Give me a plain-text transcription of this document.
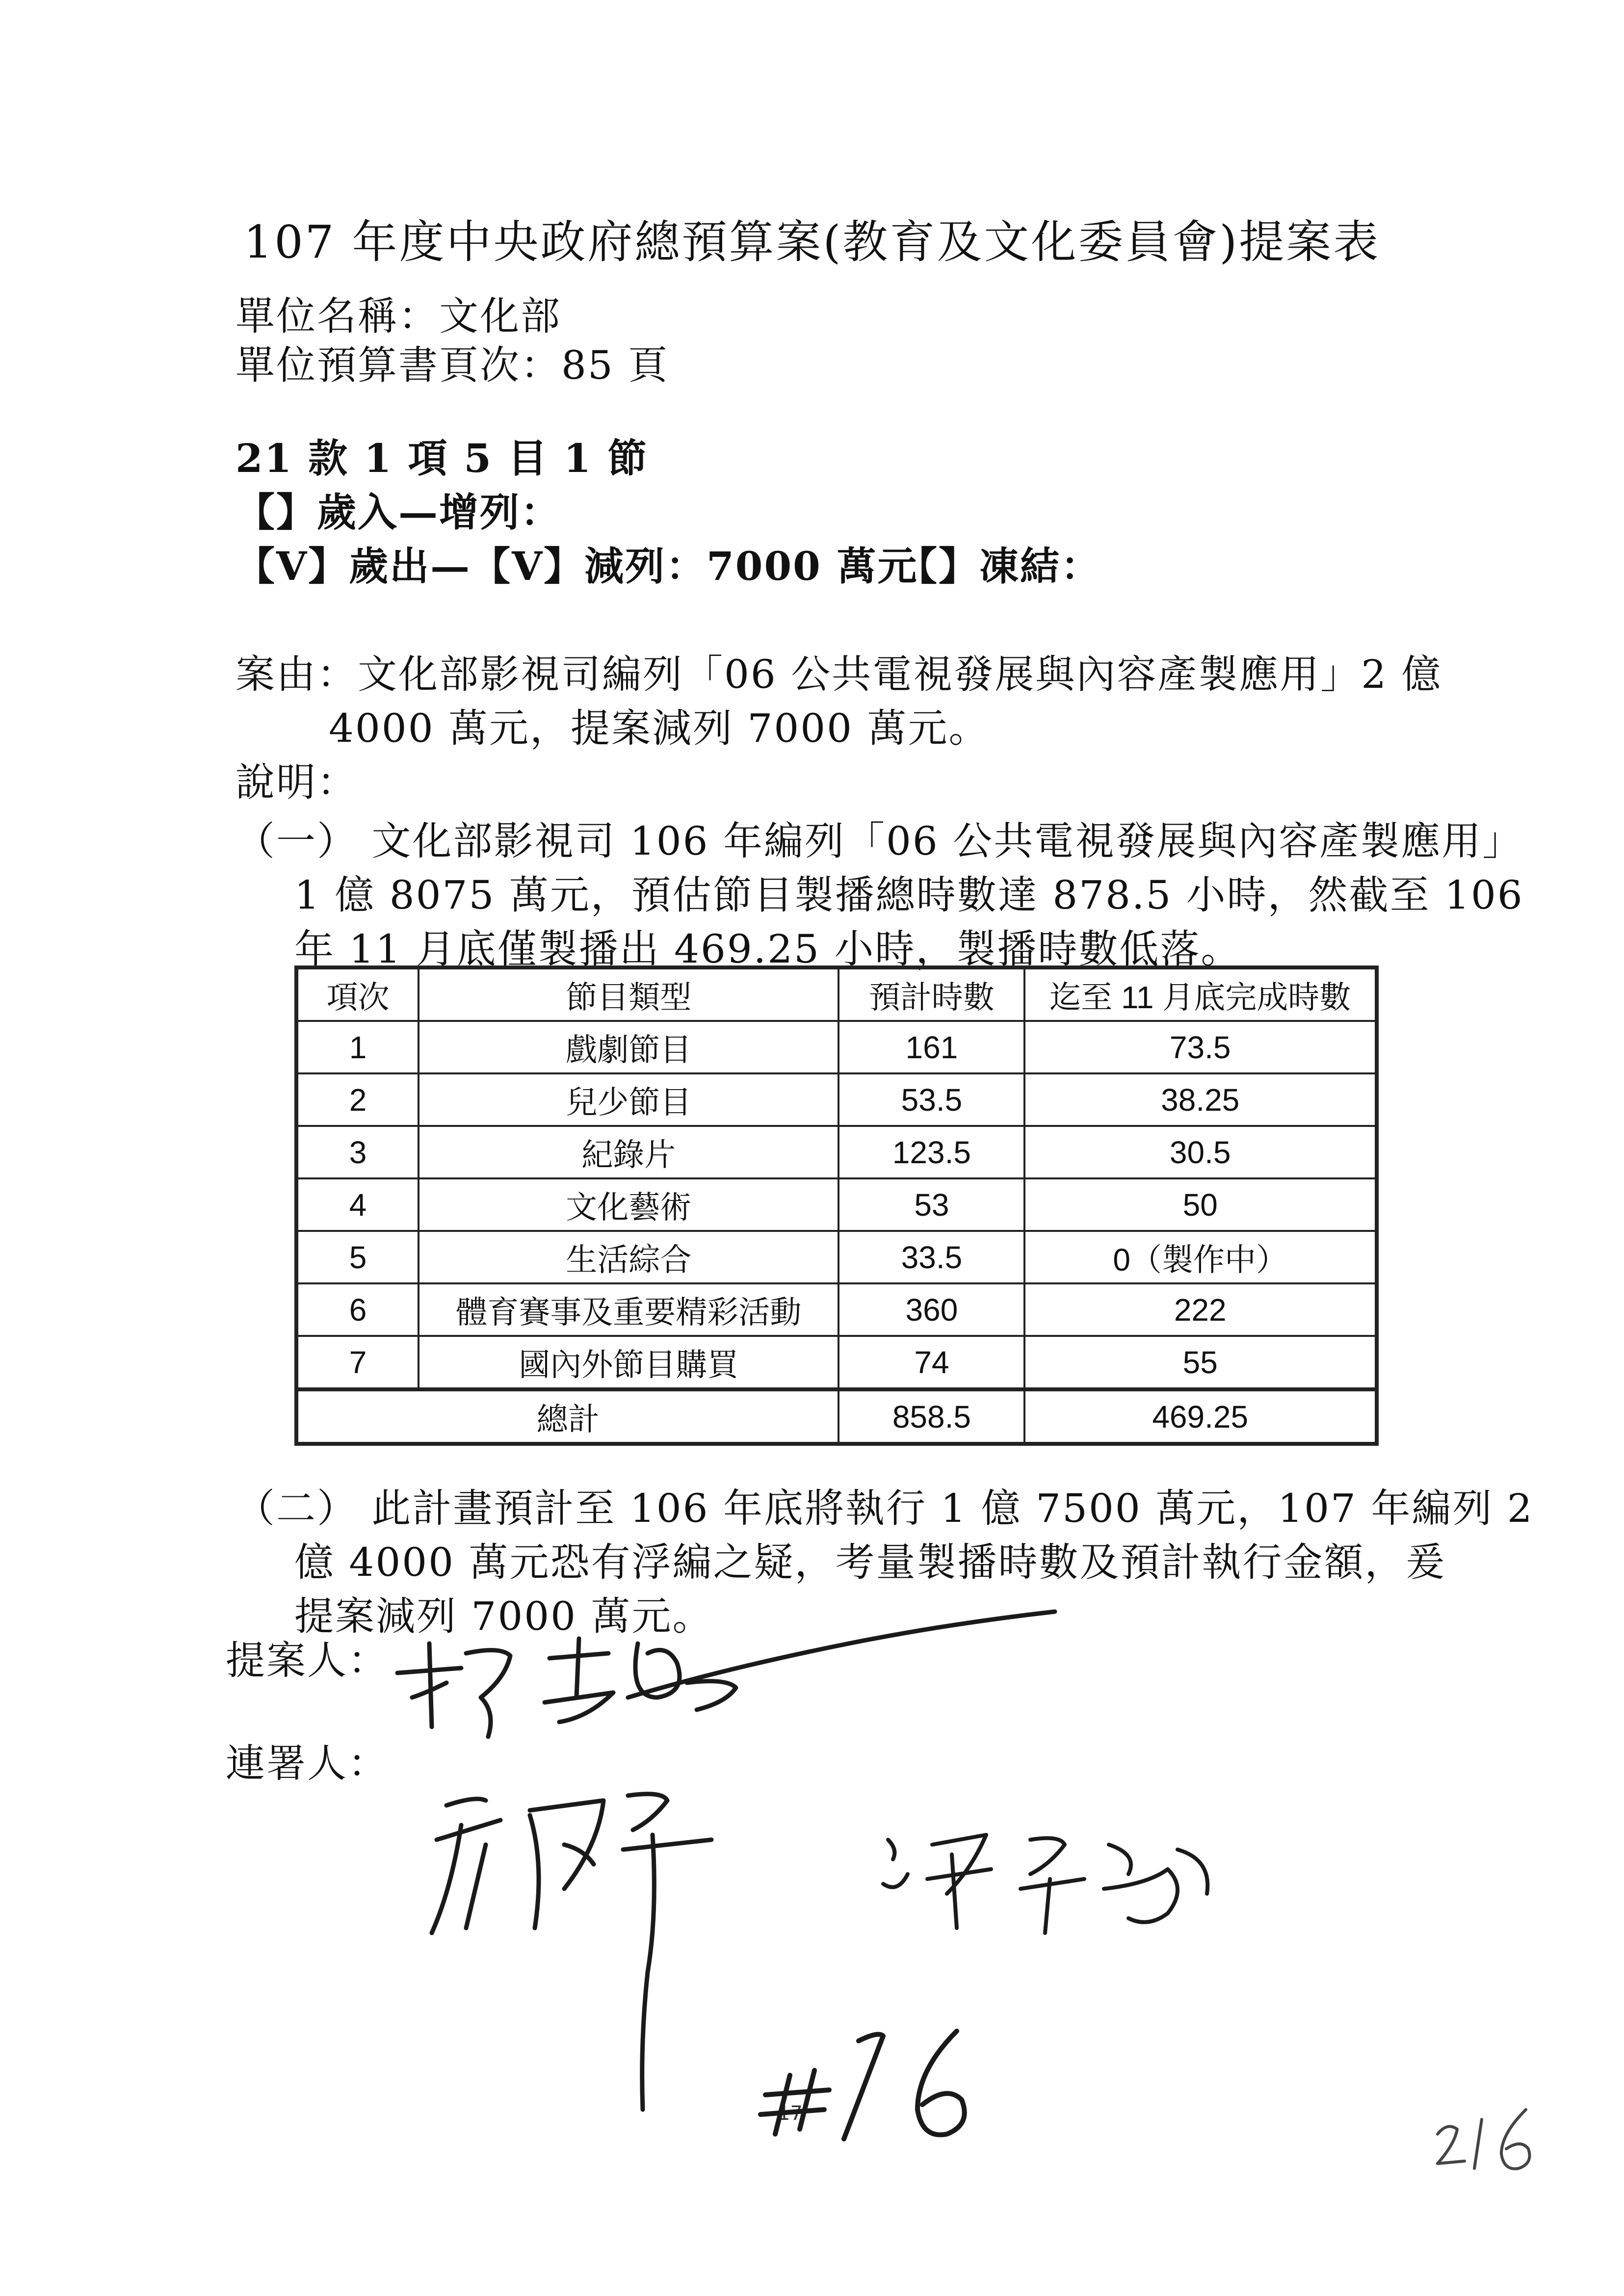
107 年度中央政府總預算案(教育及文化委員會)提案表
單位名稱：文化部
單位預算書頁次：85 頁
21 款 1 項 5 目 1 節
【】歲入—增列：
【V】歲出—【V】減列：7000 萬元
【】凍結：
案由：文化部影視司編列「06 公共電視發展與內容產製應用」2 億
4000 萬元，提案減列 7000 萬元。
說明：
（一） 文化部影視司 106 年編列「06 公共電視發展與內容產製應用」
1 億 8075 萬元，預估節目製播總時數達 878.5 小時，然截至 106
年 11 月底僅製播出 469.25 小時，製播時數低落。
項次	節目類型	預計時數	迄至 11 月底完成時數
1	戲劇節目	161	73.5
2	兒少節目	53.5	38.25
3	紀錄片	123.5	30.5
4	文化藝術	53	50
5	生活綜合	33.5	0（製作中）
6	體育賽事及重要精彩活動	360	222
7	國內外節目購買	74	55
總計		858.5	469.25
（二） 此計畫預計至 106 年底將執行 1 億 7500 萬元，107 年編列 2
億 4000 萬元恐有浮編之疑，考量製播時數及預計執行金額，爰
提案減列 7000 萬元。
提案人：
連署人：
17
